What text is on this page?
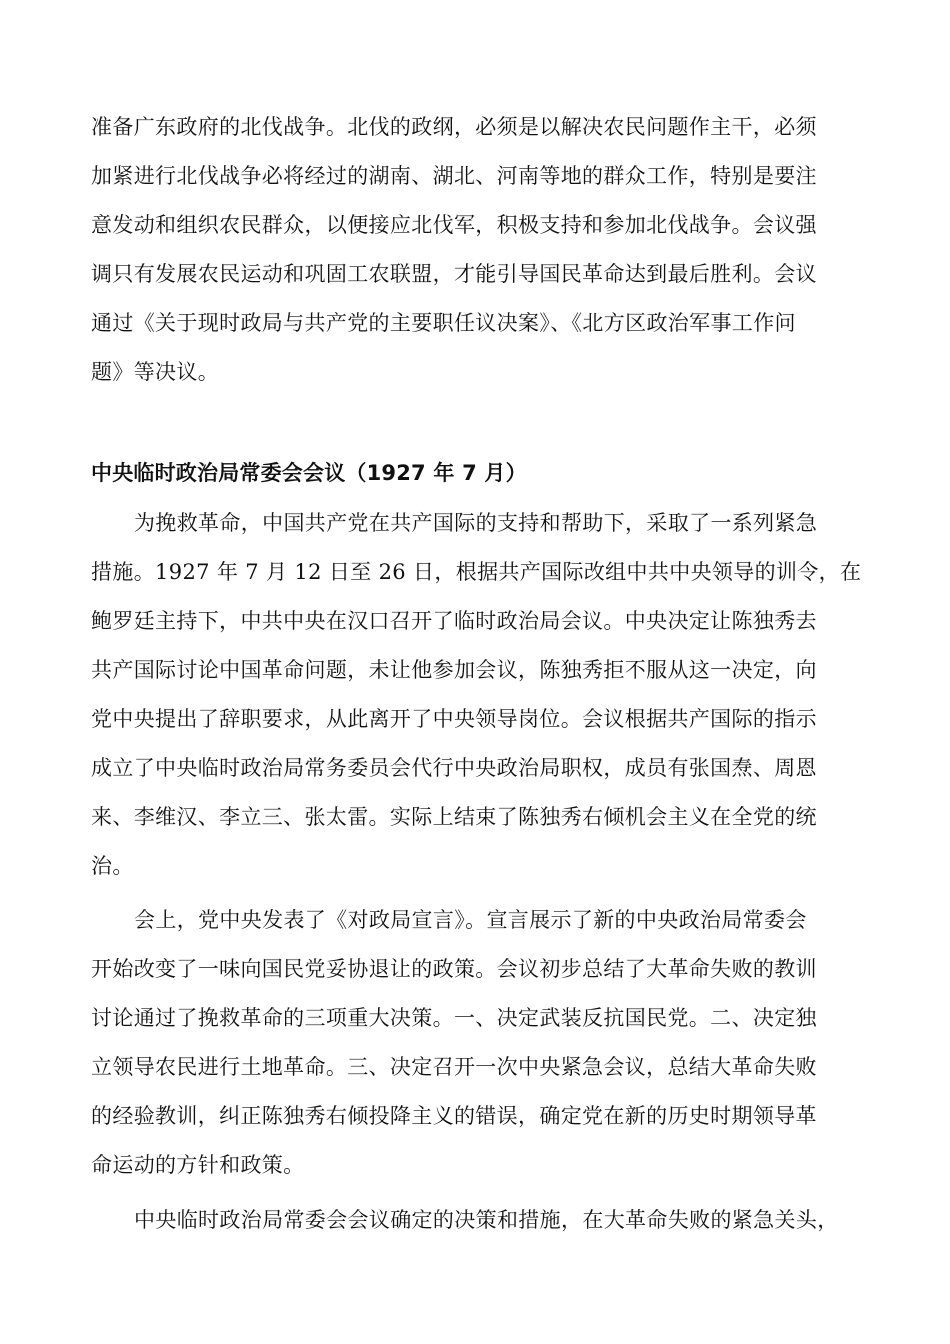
准备广东政府的北伐战争。北伐的政纲，必须是以解决农民问题作主干，必须
加紧进行北伐战争必将经过的湖南、湖北、河南等地的群众工作，特别是要注
意发动和组织农民群众，以便接应北伐军，积极支持和参加北伐战争。会议强
调只有发展农民运动和巩固工农联盟，才能引导国民革命达到最后胜利。会议
通过《关于现时政局与共产党的主要职任议决案》、《北方区政治军事工作问
题》等决议。
中央临时政治局常委会会议（1927 年 7 月）
为挽救革命，中国共产党在共产国际的支持和帮助下，采取了一系列紧急
措施。1927 年 7 月 12 日至 26 日，根据共产国际改组中共中央领导的训令，在
鲍罗廷主持下，中共中央在汉口召开了临时政治局会议。中央决定让陈独秀去
共产国际讨论中国革命问题，未让他参加会议，陈独秀拒不服从这一决定，向
党中央提出了辞职要求，从此离开了中央领导岗位。会议根据共产国际的指示
成立了中央临时政治局常务委员会代行中央政治局职权，成员有张国焘、周恩
来、李维汉、李立三、张太雷。实际上结束了陈独秀右倾机会主义在全党的统
治。
会上，党中央发表了《对政局宣言》。宣言展示了新的中央政治局常委会
开始改变了一味向国民党妥协退让的政策。会议初步总结了大革命失败的教训
讨论通过了挽救革命的三项重大决策。一、决定武装反抗国民党。二、决定独
立领导农民进行土地革命。三、决定召开一次中央紧急会议，总结大革命失败
的经验教训，纠正陈独秀右倾投降主义的错误，确定党在新的历史时期领导革
命运动的方针和政策。
中央临时政治局常委会会议确定的决策和措施，在大革命失败的紧急关头，
